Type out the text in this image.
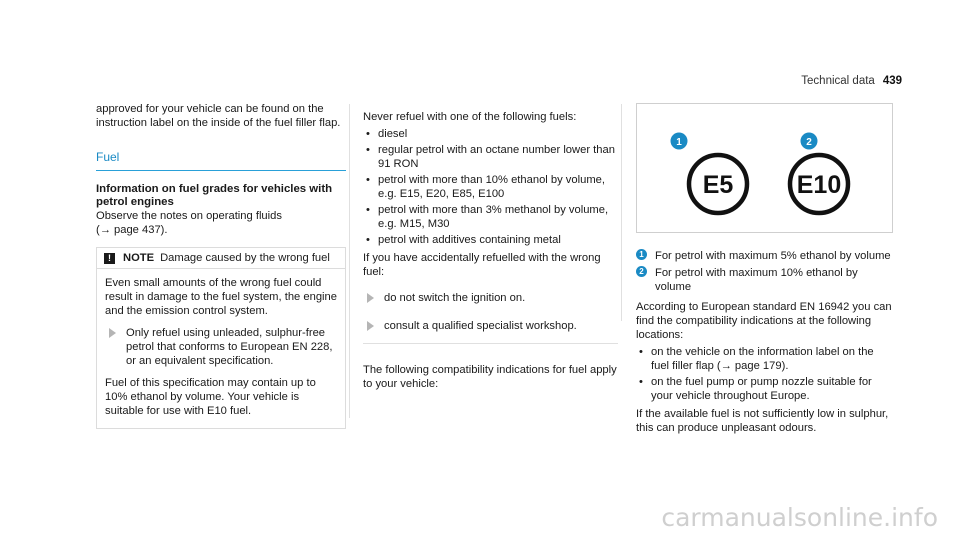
Technical data 439

approved for your vehicle can be found on the instruction label on the inside of the fuel filler flap.

Fuel
Information on fuel grades for vehicles with petrol engines

Observe the notes on operating fluids

(→ page 437).

!	NOTE Damage caused by the wrong fuel

Even small amounts of the wrong fuel could result in damage to the fuel system, the engine and the emission control system.

Only refuel using unleaded, sulphur-free petrol that conforms to European EN 228, or an equivalent specification.

Fuel of this specification may contain up to 10% ethanol by volume. Your vehicle is suitable for use with E10 fuel.

Never refuel with one of the following fuels:

• diesel
• regular petrol with an octane number lower than 91 RON
• petrol with more than 10% ethanol by volume, e.g. E15, E20, E85, E100
• petrol with more than 3% methanol by volume, e.g. M15, M30
• petrol with additives containing metal

If you have accidentally refuelled with the wrong fuel:

do not switch the ignition on.
consult a qualified specialist workshop.

The following compatibility indications for fuel apply to your vehicle:

1	2
E5	E10
1 For petrol with maximum 5% ethanol by volume
2 For petrol with maximum 10% ethanol by volume

According to European standard EN 16942 you can find the compatibility indications at the following locations:

• on the vehicle on the information label on the fuel filler flap (→ page 179).
• on the fuel pump or pump nozzle suitable for your vehicle throughout Europe.

If the available fuel is not sufficiently low in sulphur, this can produce unpleasant odours.

carmanualsonline.info
